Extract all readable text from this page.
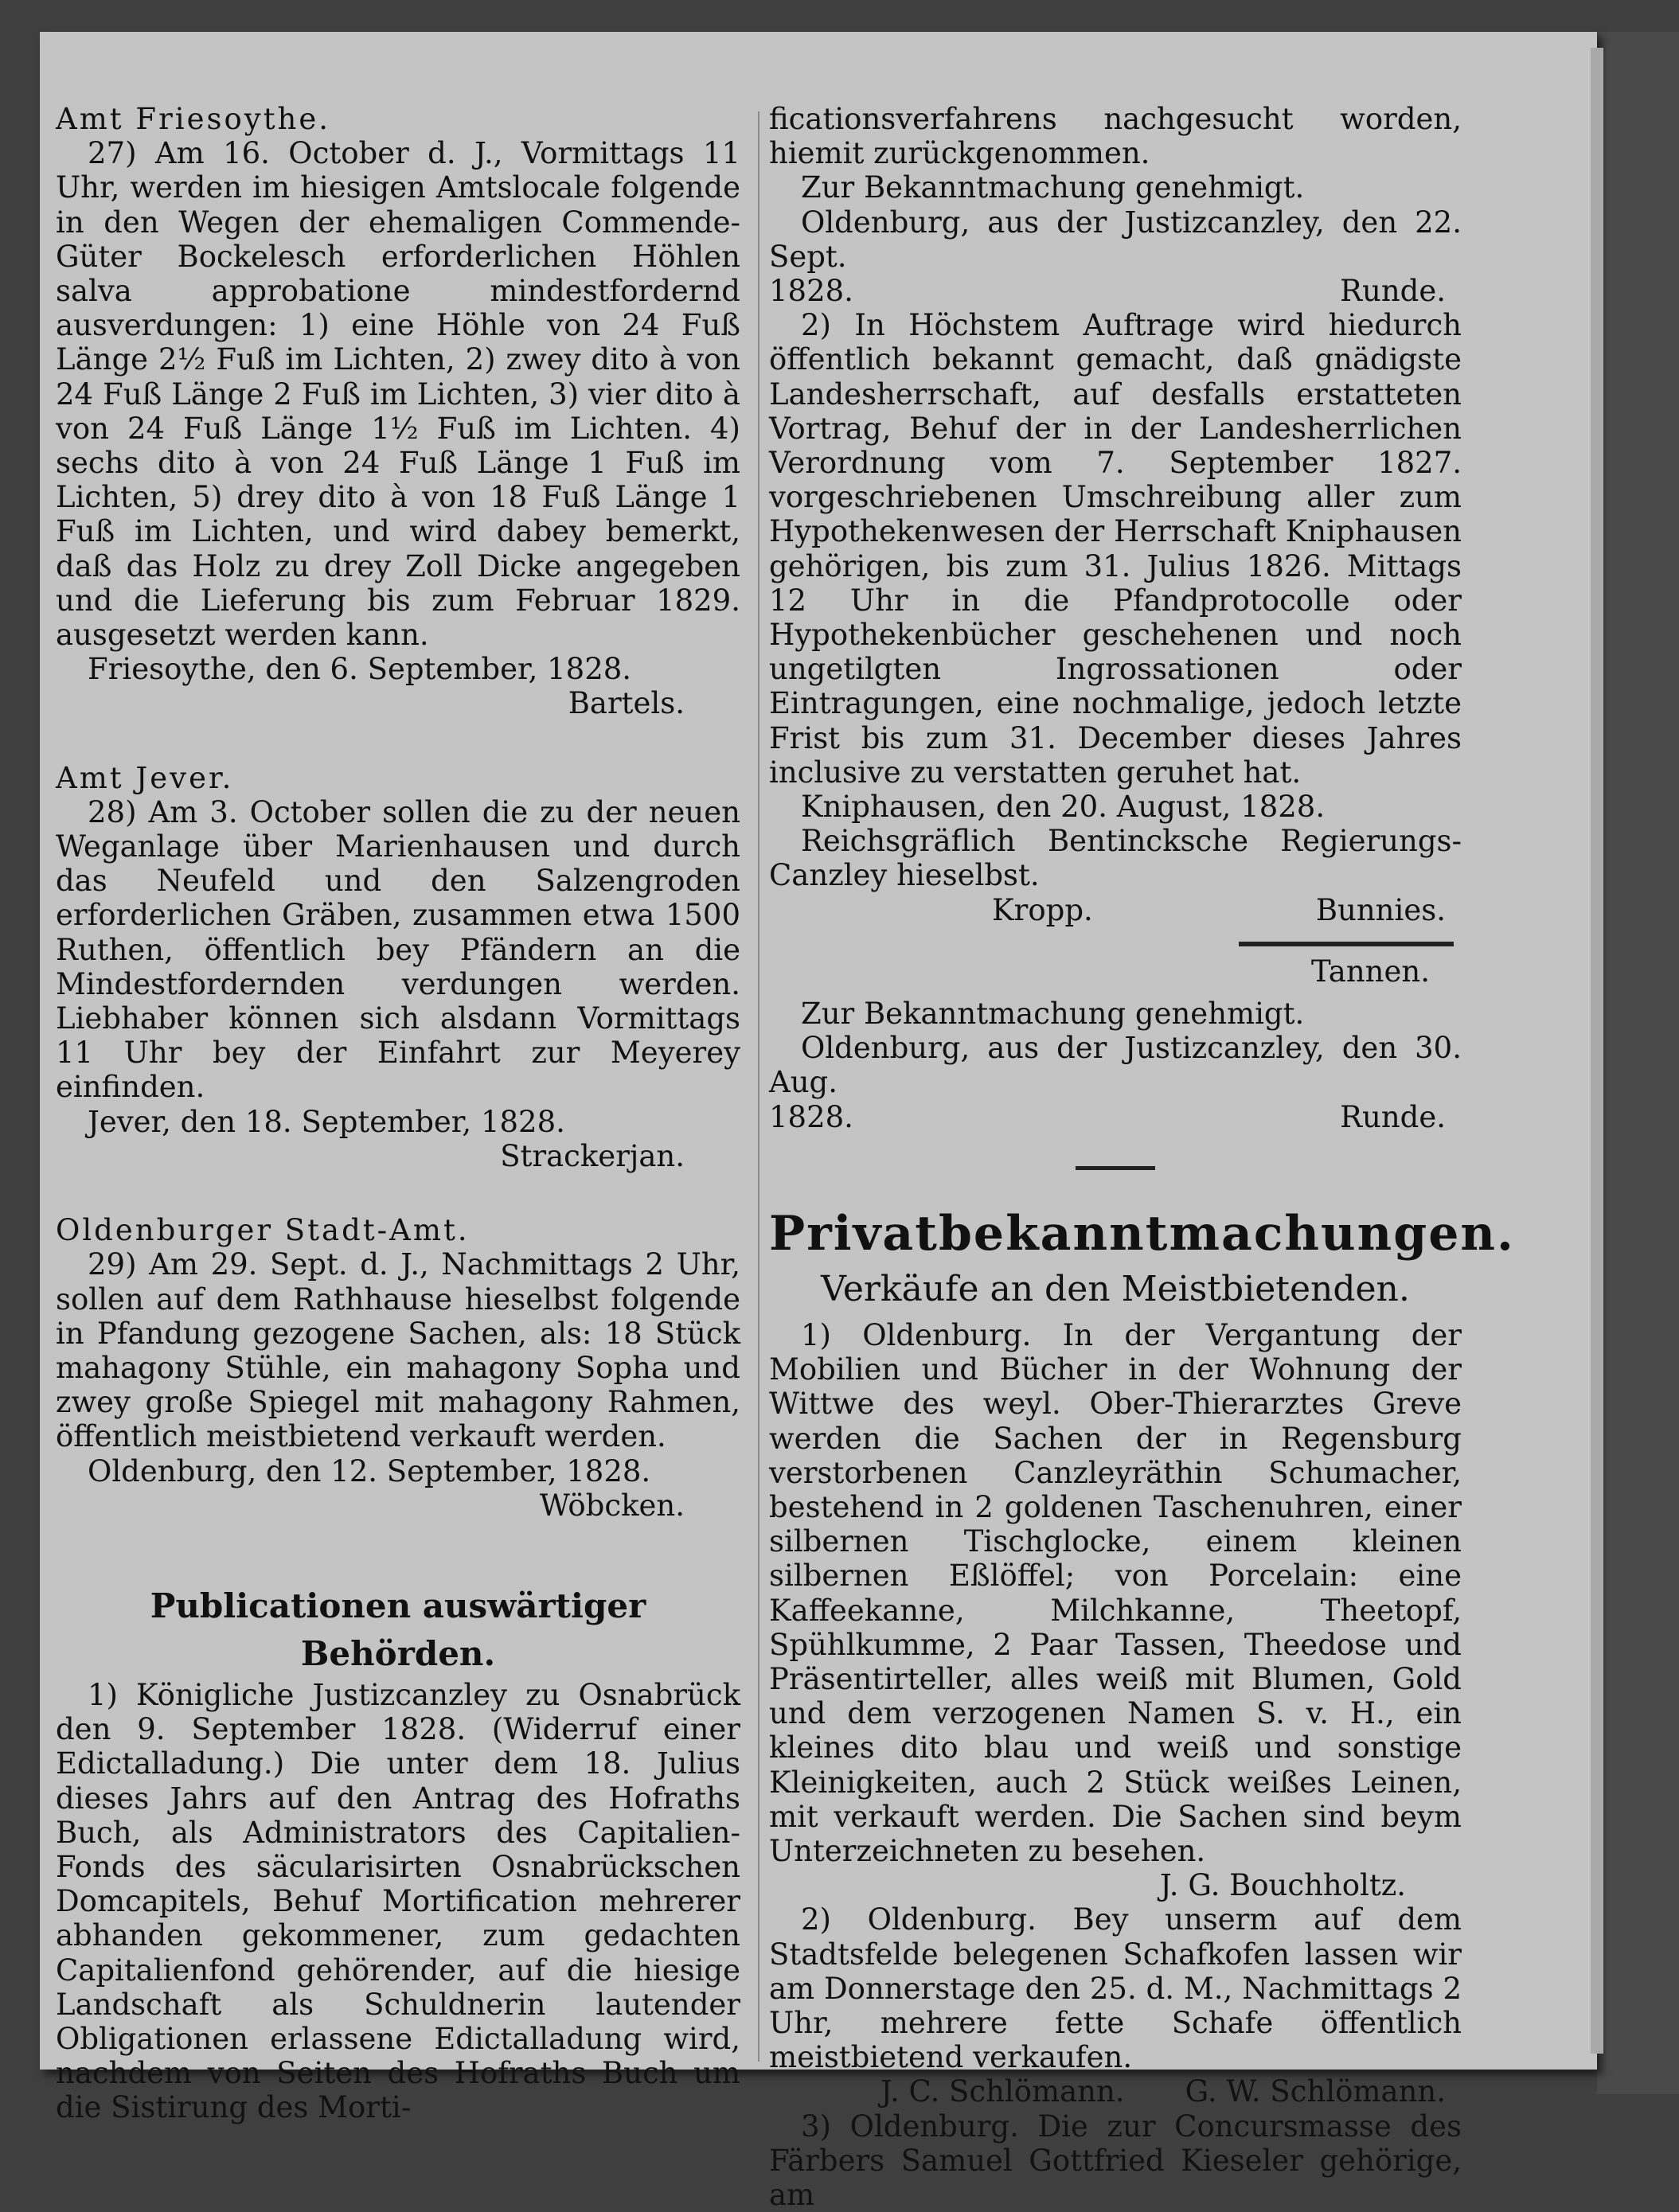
Amt Friesoythe.

27) Am 16. October d. J., Vormittags 11 Uhr, werden im hiesigen Amtslocale folgende in den Wegen der ehemaligen Commende-Güter Bockelesch erforderlichen Höhlen salva approbatione mindestfordernd ausverdungen: 1) eine Höhle von 24 Fuß Länge 2½ Fuß im Lichten, 2) zwey dito à von 24 Fuß Länge 2 Fuß im Lichten, 3) vier dito à von 24 Fuß Länge 1½ Fuß im Lichten. 4) sechs dito à von 24 Fuß Länge 1 Fuß im Lichten, 5) drey dito à von 18 Fuß Länge 1 Fuß im Lichten, und wird dabey bemerkt, daß das Holz zu drey Zoll Dicke angegeben und die Lieferung bis zum Februar 1829. ausgesetzt werden kann.

Friesoythe, den 6. September, 1828.

Bartels.

Amt Jever.

28) Am 3. October sollen die zu der neuen Weganlage über Marienhausen und durch das Neufeld und den Salzengroden erforderlichen Gräben, zusammen etwa 1500 Ruthen, öffentlich bey Pfändern an die Mindestfordernden verdungen werden. Liebhaber können sich alsdann Vormittags 11 Uhr bey der Einfahrt zur Meyerey einfinden.

Jever, den 18. September, 1828.

Strackerjan.

Oldenburger Stadt-Amt.

29) Am 29. Sept. d. J., Nachmittags 2 Uhr, sollen auf dem Rathhause hieselbst folgende in Pfandung gezogene Sachen, als: 18 Stück mahagony Stühle, ein mahagony Sopha und zwey große Spiegel mit mahagony Rahmen, öffentlich meistbietend verkauft werden.

Oldenburg, den 12. September, 1828.

Wöbcken.

Publicationen auswärtiger Behörden.

1) Königliche Justizcanzley zu Osnabrück den 9. September 1828. (Widerruf einer Edictalladung.) Die unter dem 18. Julius dieses Jahrs auf den Antrag des Hofraths Buch, als Administrators des Capitalien-Fonds des säcularisirten Osnabrückschen Domcapitels, Behuf Mortification mehrerer abhanden gekommener, zum gedachten Capitalienfond gehörender, auf die hiesige Landschaft als Schuldnerin lautender Obligationen erlassene Edictalladung wird, nachdem von Seiten des Hofraths Buch um die Sistirung des Morti-

ficationsverfahrens nachgesucht worden, hiemit zurückgenommen.

Zur Bekanntmachung genehmigt.

Oldenburg, aus der Justizcanzley, den 22. Sept.

1828.	Runde.

2) In Höchstem Auftrage wird hiedurch öffentlich bekannt gemacht, daß gnädigste Landesherrschaft, auf desfalls erstatteten Vortrag, Behuf der in der Landesherrlichen Verordnung vom 7. September 1827. vorgeschriebenen Umschreibung aller zum Hypothekenwesen der Herrschaft Kniphausen gehörigen, bis zum 31. Julius 1826. Mittags 12 Uhr in die Pfandprotocolle oder Hypothekenbücher geschehenen und noch ungetilgten Ingrossationen oder Eintragungen, eine nochmalige, jedoch letzte Frist bis zum 31. December dieses Jahres inclusive zu verstatten geruhet hat.

Kniphausen, den 20. August, 1828.

Reichsgräflich Bentincksche Regierungs-Canzley hieselbst.

Kropp.	Bunnies.

Tannen.

Zur Bekanntmachung genehmigt.

Oldenburg, aus der Justizcanzley, den 30. Aug.

1828.	Runde.

Privatbekanntmachungen.

Verkäufe an den Meistbietenden.

1) Oldenburg. In der Vergantung der Mobilien und Bücher in der Wohnung der Wittwe des weyl. Ober-Thierarztes Greve werden die Sachen der in Regensburg verstorbenen Canzleyräthin Schumacher, bestehend in 2 goldenen Taschenuhren, einer silbernen Tischglocke, einem kleinen silbernen Eßlöffel; von Porcelain: eine Kaffeekanne, Milchkanne, Theetopf, Spühlkumme, 2 Paar Tassen, Theedose und Präsentirteller, alles weiß mit Blumen, Gold und dem verzogenen Namen S. v. H., ein kleines dito blau und weiß und sonstige Kleinigkeiten, auch 2 Stück weißes Leinen, mit verkauft werden. Die Sachen sind beym Unterzeichneten zu besehen.

J. G. Bouchholtz.

2) Oldenburg. Bey unserm auf dem Stadtsfelde belegenen Schafkofen lassen wir am Donnerstage den 25. d. M., Nachmittags 2 Uhr, mehrere fette Schafe öffentlich meistbietend verkaufen.

J. C. Schlömann. G. W. Schlömann.

3) Oldenburg. Die zur Concursmasse des Färbers Samuel Gottfried Kieseler gehörige, am
